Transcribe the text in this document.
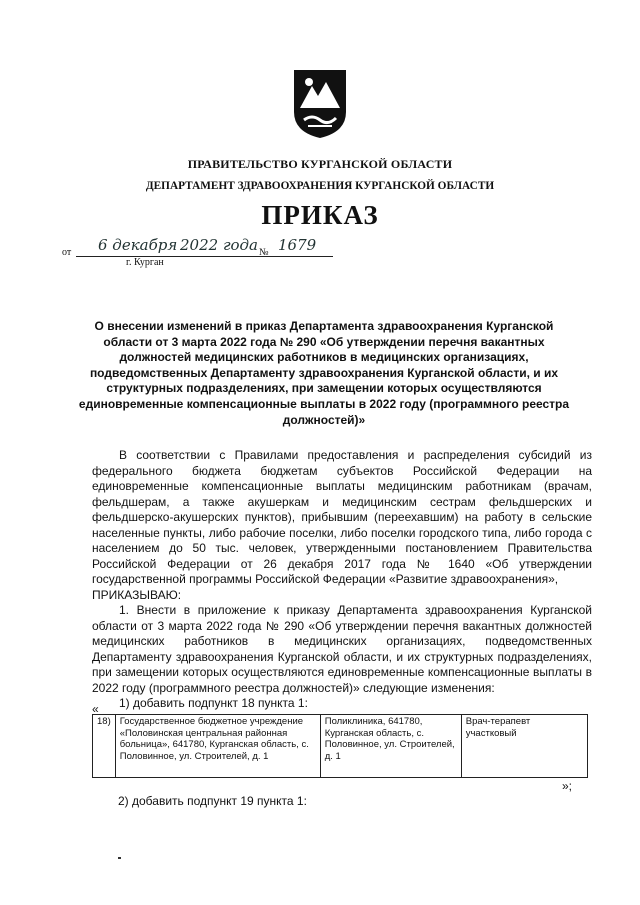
ПРАВИТЕЛЬСТВО КУРГАНСКОЙ ОБЛАСТИ
ДЕПАРТАМЕНТ ЗДРАВООХРАНЕНИЯ КУРГАНСКОЙ ОБЛАСТИ
ПРИКАЗ
от 6 декабря 2022 года № 1679
г. Курган
О внесении изменений в приказ Департамента здравоохранения Курганской области от 3 марта 2022 года № 290 «Об утверждении перечня вакантных должностей медицинских работников в медицинских организациях, подведомственных Департаменту здравоохранения Курганской области, и их структурных подразделениях, при замещении которых осуществляются единовременные компенсационные выплаты в 2022 году (программного реестра должностей)»

В соответствии с Правилами предоставления и распределения субсидий из федерального бюджета бюджетам субъектов Российской Федерации на единовременные компенсационные выплаты медицинским работникам (врачам, фельдшерам, а также акушеркам и медицинским сестрам фельдшерских и фельдшерско-акушерских пунктов), прибывшим (переехавшим) на работу в сельские населенные пункты, либо рабочие поселки, либо поселки городского типа, либо города с населением до 50 тыс. человек, утвержденными постановлением Правительства Российской Федерации от 26 декабря 2017 года № 1640 «Об утверждении государственной программы Российской Федерации «Развитие здравоохранения»,

ПРИКАЗЫВАЮ:

1. Внести в приложение к приказу Департамента здравоохранения Курганской области от 3 марта 2022 года № 290 «Об утверждении перечня вакантных должностей медицинских работников в медицинских организациях, подведомственных Департаменту здравоохранения Курганской области, и их структурных подразделениях, при замещении которых осуществляются единовременные компенсационные выплаты в 2022 году (программного реестра должностей)» следующие изменения:

1) добавить подпункт 18 пункта 1:

«
18)	Государственное бюджетное учреждение «Половинская центральная районная больница», 641780, Курганская область, с. Половинное, ул. Строителей, д. 1	Поликлиника, 641780, Курганская область, с. Половинное, ул. Строителей, д. 1	Врач-терапевт участковый
»;
2) добавить подпункт 19 пункта 1:
